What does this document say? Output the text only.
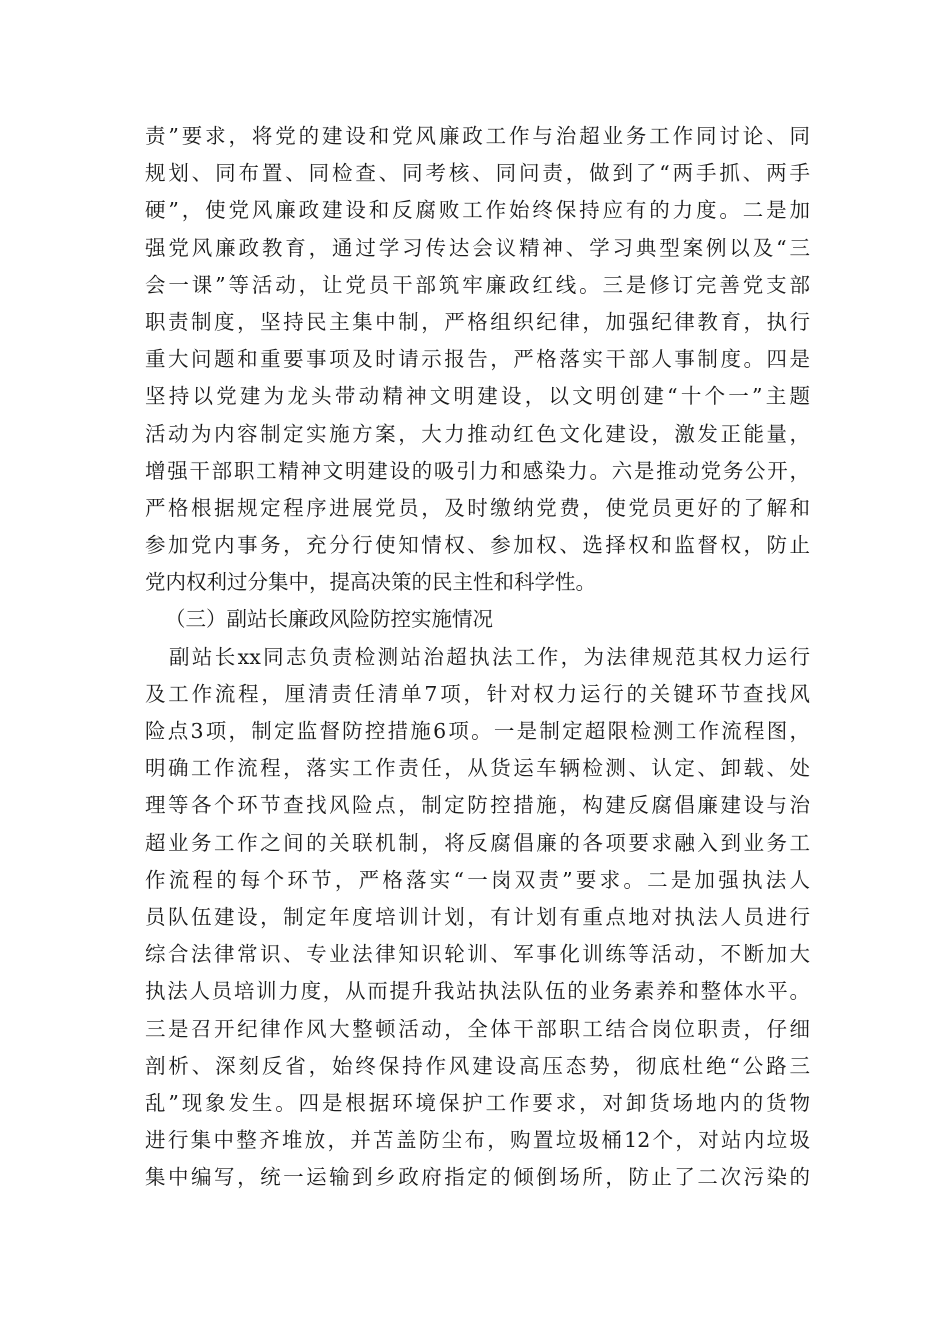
责”要求，将党的建设和党风廉政工作与治超业务工作同讨论、同
规划、同布置、同检查、同考核、同问责，做到了“两手抓、两手
硬”，使党风廉政建设和反腐败工作始终保持应有的力度。二是加
强党风廉政教育，通过学习传达会议精神、学习典型案例以及“三
会一课”等活动，让党员干部筑牢廉政红线。三是修订完善党支部
职责制度，坚持民主集中制，严格组织纪律，加强纪律教育，执行
重大问题和重要事项及时请示报告，严格落实干部人事制度。四是
坚持以党建为龙头带动精神文明建设，以文明创建“十个一”主题
活动为内容制定实施方案，大力推动红色文化建设，激发正能量，
增强干部职工精神文明建设的吸引力和感染力。六是推动党务公开，
严格根据规定程序进展党员，及时缴纳党费，使党员更好的了解和
参加党内事务，充分行使知情权、参加权、选择权和监督权，防止
党内权利过分集中，提高决策的民主性和科学性。
（三）副站长廉政风险防控实施情况
副站长xx同志负责检测站治超执法工作，为法律规范其权力运行
及工作流程，厘清责任清单7项，针对权力运行的关键环节查找风
险点3项，制定监督防控措施6项。一是制定超限检测工作流程图，
明确工作流程，落实工作责任，从货运车辆检测、认定、卸载、处
理等各个环节查找风险点，制定防控措施，构建反腐倡廉建设与治
超业务工作之间的关联机制，将反腐倡廉的各项要求融入到业务工
作流程的每个环节，严格落实“一岗双责”要求。二是加强执法人
员队伍建设，制定年度培训计划，有计划有重点地对执法人员进行
综合法律常识、专业法律知识轮训、军事化训练等活动，不断加大
执法人员培训力度，从而提升我站执法队伍的业务素养和整体水平。
三是召开纪律作风大整顿活动，全体干部职工结合岗位职责，仔细
剖析、深刻反省，始终保持作风建设高压态势，彻底杜绝“公路三
乱”现象发生。四是根据环境保护工作要求，对卸货场地内的货物
进行集中整齐堆放，并苫盖防尘布，购置垃圾桶12个，对站内垃圾
集中编写，统一运输到乡政府指定的倾倒场所，防止了二次污染的
